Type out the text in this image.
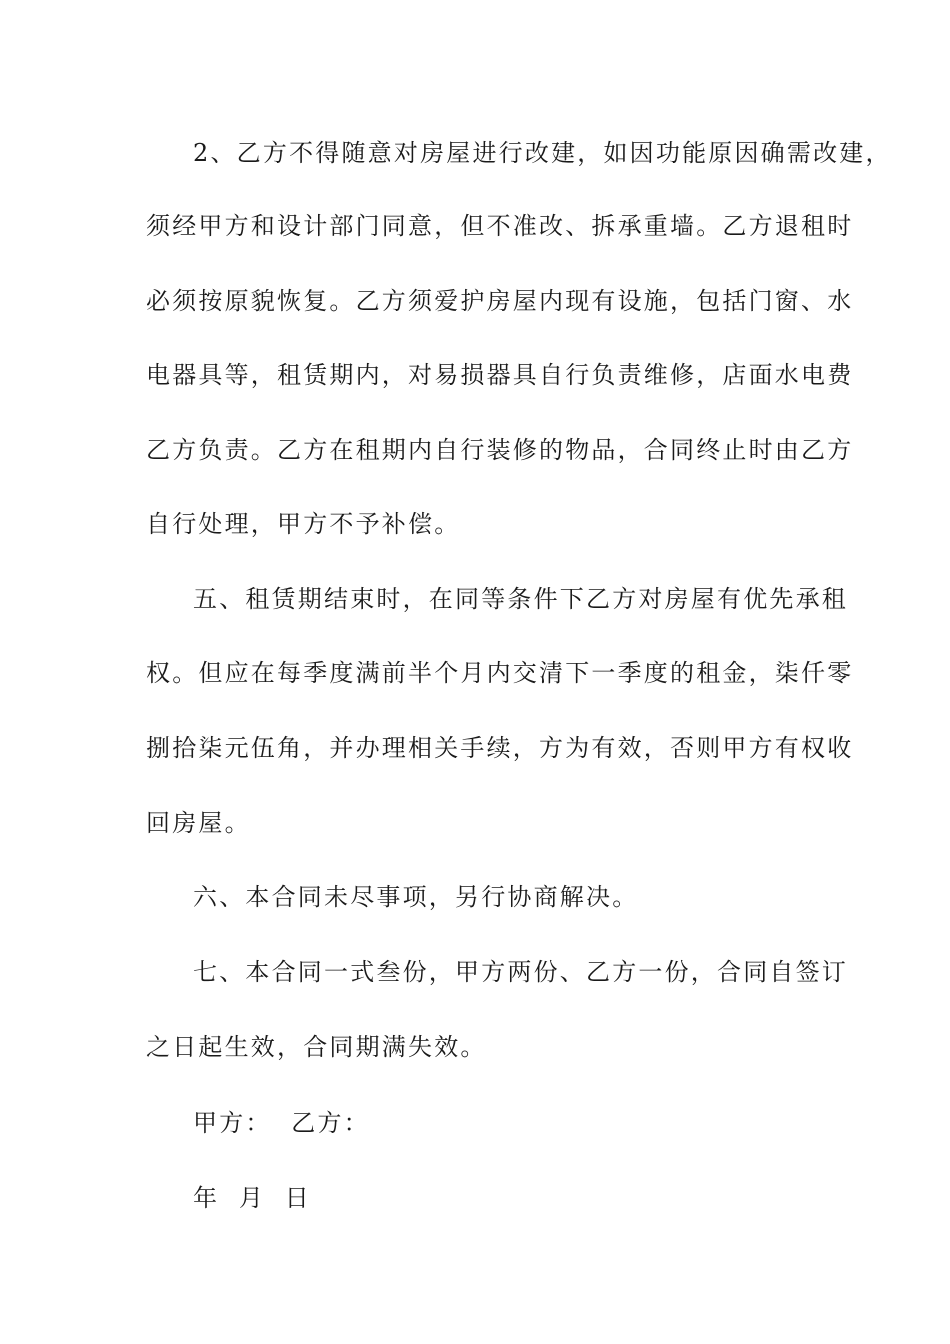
2、乙方不得随意对房屋进行改建，如因功能原因确需改建，
须经甲方和设计部门同意，但不准改、拆承重墙。乙方退租时
必须按原貌恢复。乙方须爱护房屋内现有设施，包括门窗、水
电器具等，租赁期内，对易损器具自行负责维修，店面水电费
乙方负责。乙方在租期内自行装修的物品，合同终止时由乙方
自行处理，甲方不予补偿。
五、租赁期结束时，在同等条件下乙方对房屋有优先承租
权。但应在每季度满前半个月内交清下一季度的租金，柒仟零
捌拾柒元伍角，并办理相关手续，方为有效，否则甲方有权收
回房屋。
六、本合同未尽事项，另行协商解决。
七、本合同一式叁份，甲方两份、乙方一份，合同自签订
之日起生效，合同期满失效。
甲方：  乙方：
年  月  日
